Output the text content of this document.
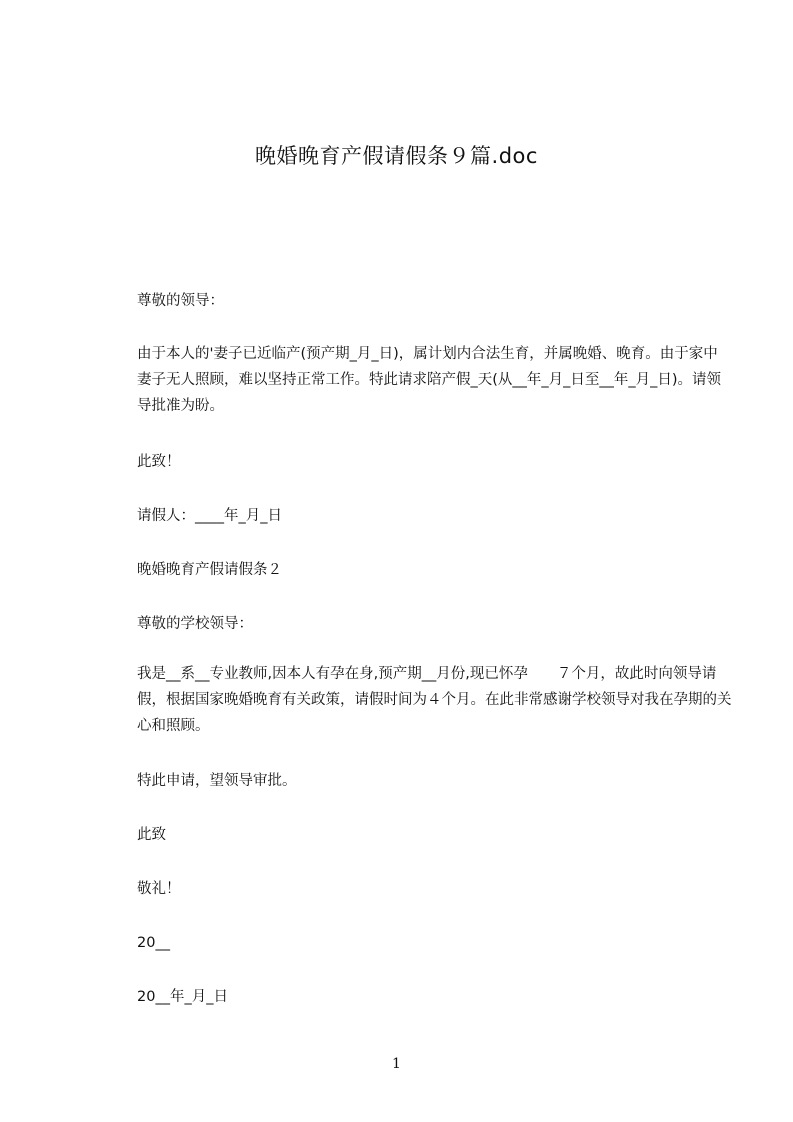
晚婚晚育产假请假条９篇.doc
尊敬的领导：
由于本人的'妻子已近临产(预产期_月_日)，属计划内合法生育，并属晚婚、晚育。由于家中妻子无人照顾，难以坚持正常工作。特此请求陪产假_天(从__年_月_日至__年_月_日)。请领导批准为盼。
此致！
请假人：____年_月_日
晚婚晚育产假请假条２
尊敬的学校领导：
我是__系__专业教师,因本人有孕在身,预产期__月份,现已怀孕　　７个月，故此时向领导请假，根据国家晚婚晚育有关政策，请假时间为４个月。在此非常感谢学校领导对我在孕期的关心和照顾。
特此申请，望领导审批。
此致
敬礼！
20__
20__年_月_日
1
